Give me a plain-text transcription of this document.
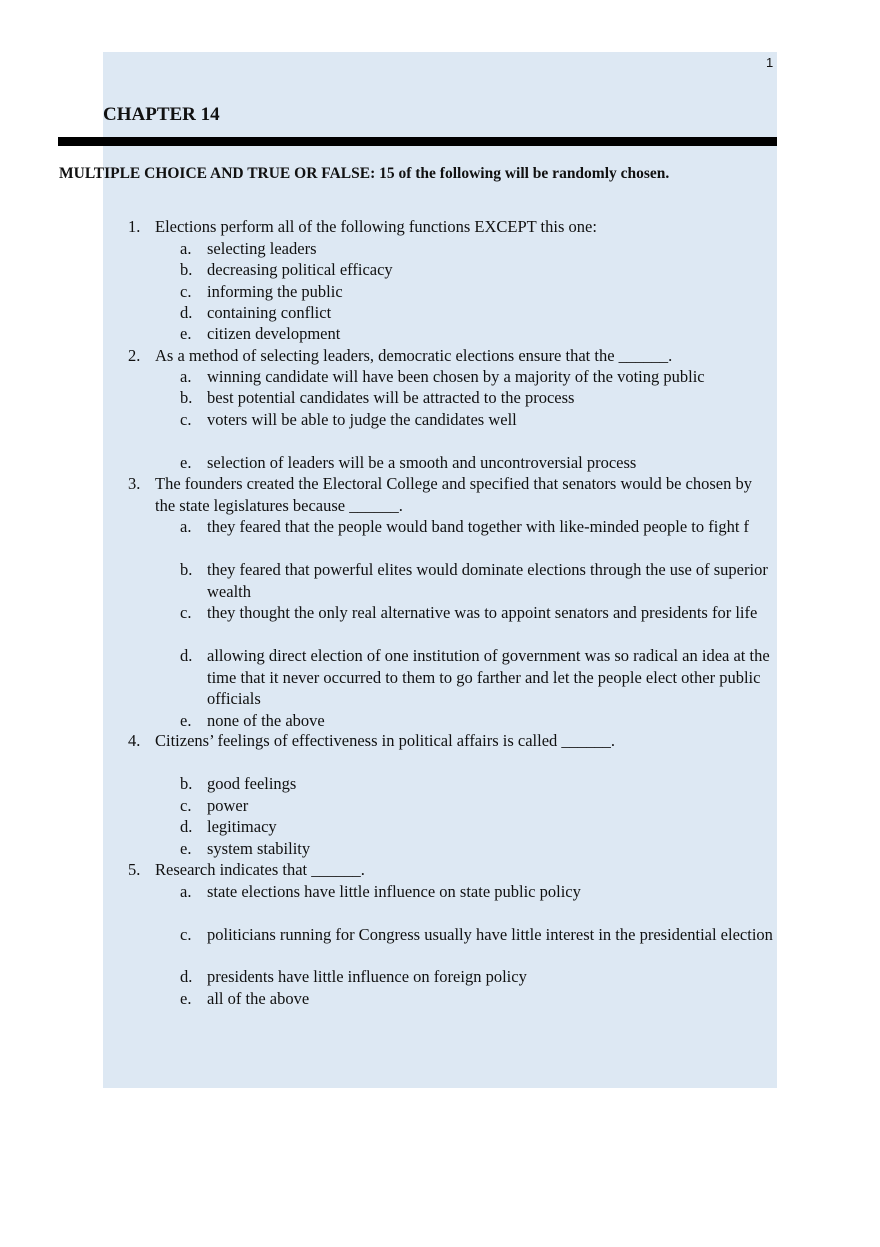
1
CHAPTER 14
MULTIPLE CHOICE AND TRUE OR FALSE: 15 of the following will be randomly chosen.
1. Elections perform all of the following functions EXCEPT this one:
a. selecting leaders
b. decreasing political efficacy
c. informing the public
d. containing conflict
e. citizen development
2. As a method of selecting leaders, democratic elections ensure that the ______.
a. winning candidate will have been chosen by a majority of the voting public
b. best potential candidates will be attracted to the process
c. voters will be able to judge the candidates well
e. selection of leaders will be a smooth and uncontroversial process
3. The founders created the Electoral College and specified that senators would be chosen by the state legislatures because ______.
a. they feared that the people would band together with like-minded people to fight f
b. they feared that powerful elites would dominate elections through the use of superior wealth
c. they thought the only real alternative was to appoint senators and presidents for life
d. allowing direct election of one institution of government was so radical an idea at the time that it never occurred to them to go farther and let the people elect other public officials
e. none of the above
4. Citizens’ feelings of effectiveness in political affairs is called ______.
b. good feelings
c. power
d. legitimacy
e. system stability
5. Research indicates that ______.
a. state elections have little influence on state public policy
c. politicians running for Congress usually have little interest in the presidential election
d. presidents have little influence on foreign policy
e. all of the above
